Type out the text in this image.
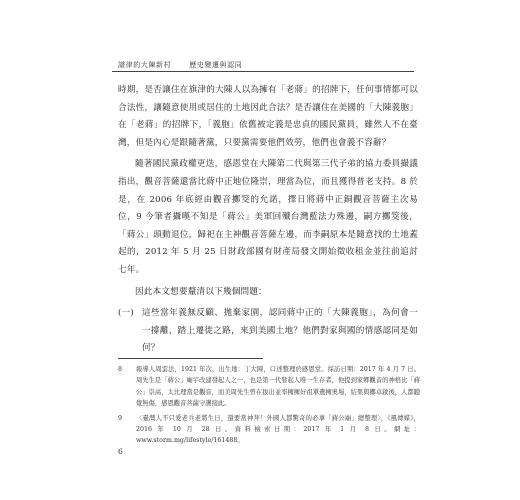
譜律的大陳新村	歷史變遷與認同

時期，是否讓住在旗津的大陳人以為擁有「老蔣」的招牌下，任何事情都可以合法性，讓隨意使用或居住的土地因此合法？是否讓住在美國的「大陳義胞」在「老蔣」的招牌下，「義胞」依舊被定義是忠貞的國民黨員，雖然人不在臺灣，但是內心是跟隨著黨，只要黨需要他們效勞，他們也會義不容辭？

隨著國民黨政權更迭，感恩堂在大陳第二代與第三代子弟的協力委員撮議指出，觀音菩薩還當比蔣中正地位隆崇，理當為位，而且獲得普老支持。8 於是，在 2006 年底經由觀音擲筊的允諾，擇日將蔣中正銅觀音菩薩主次易位，9 今筆者攝嘆不知是「蔣公」美軍回殲台灣藍法力殊邊，嗣方擲筊後，「蔣公」頭動退位，歸祀在主神觀音菩薩左邊，而李嗣原本是隨意找的土地蓋起的，2012 年 5 月 25 日財政部國有財產局發文開始徵收租金並往前追討七年。

因此本文想要釐清以下幾個問題：

(一) 這些當年義無反顧、拋棄家園，認同蔣中正的「大陳義胞」，為何會一一撐離，踏上遷徙之路，來到美國土地？他們對家與國的情感認同是如何？
8	報導人周雲法，1921 年次，出生地：丁大陳，口述整理於感恩堂。採訪日期：2017 年 4 月 7 日。周先生是「蔣公」廟宇改建發起人之一，也是第一代發起人唯一生存者，他提到家鄉觀音的神格比「蔣公」崇高，太比理當是觀音，而美周先生曾在拔出並率擁擁好祖單遺擁奧場，結果與擲卓啟後，人都聽覺無傷，感恩觀音菩薩守護接此。
9	〈臺灣人不只愛老兵老將生日，還要當神拜！外國人都驚奇的必拿「蔣公廟」總整理〉，《風傳媒》，2016 年 10 月 28 日。資料檢索日期：2017 年 1 月 8 日。網址：www.storm.mg/lifestyle/161488。
6
